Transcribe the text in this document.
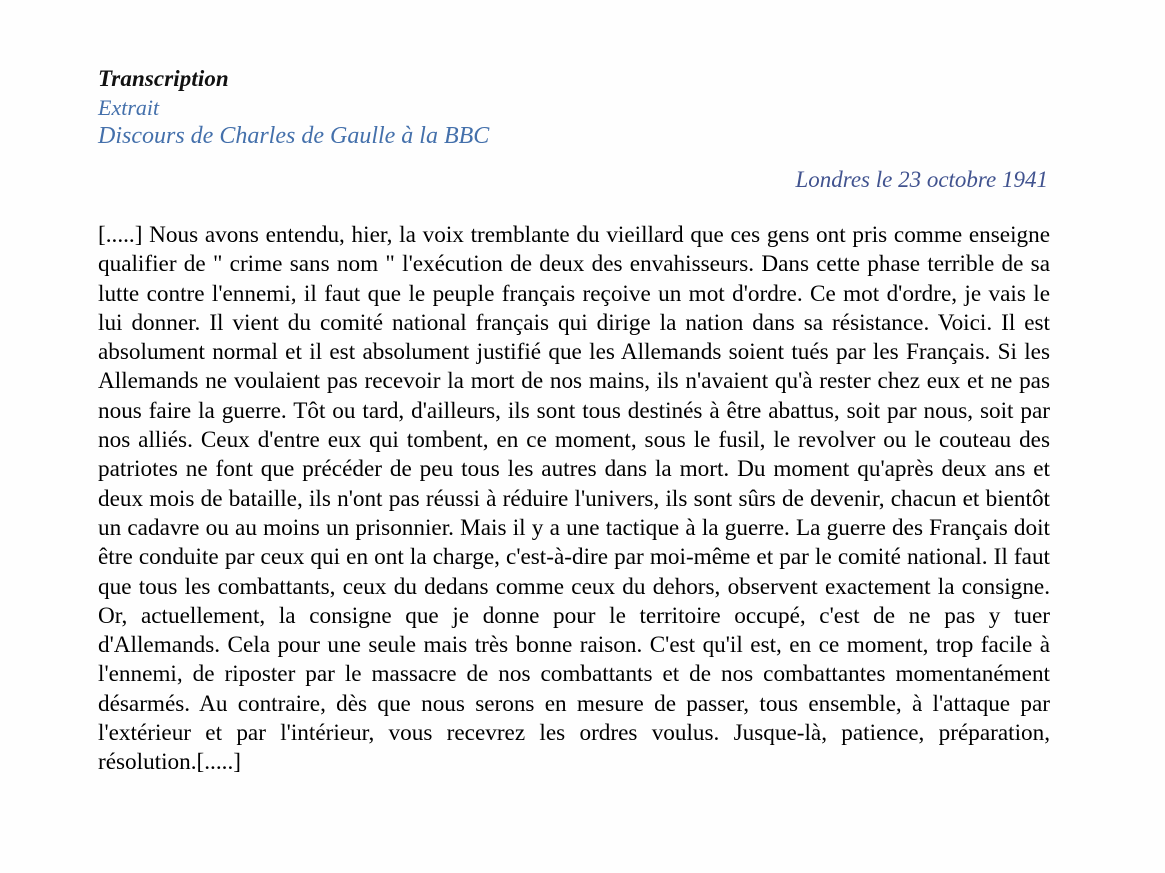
Transcription
Extrait
Discours de Charles de Gaulle à la BBC
Londres le 23 octobre 1941

[.....] Nous avons entendu, hier, la voix tremblante du vieillard que ces gens ont pris comme enseigne qualifier de " crime sans nom " l'exécution de deux des envahisseurs. Dans cette phase terrible de sa lutte contre l'ennemi, il faut que le peuple français reçoive un mot d'ordre. Ce mot d'ordre, je vais le lui donner. Il vient du comité national français qui dirige la nation dans sa résistance. Voici. Il est absolument normal et il est absolument justifié que les Allemands soient tués par les Français. Si les Allemands ne voulaient pas recevoir la mort de nos mains, ils n'avaient qu'à rester chez eux et ne pas nous faire la guerre. Tôt ou tard, d'ailleurs, ils sont tous destinés à être abattus, soit par nous, soit par nos alliés. Ceux d'entre eux qui tombent, en ce moment, sous le fusil, le revolver ou le couteau des patriotes ne font que précéder de peu tous les autres dans la mort. Du moment qu'après deux ans et deux mois de bataille, ils n'ont pas réussi à réduire l'univers, ils sont sûrs de devenir, chacun et bientôt un cadavre ou au moins un prisonnier. Mais il y a une tactique à la guerre. La guerre des Français doit être conduite par ceux qui en ont la charge, c'est-à-dire par moi-même et par le comité national. Il faut que tous les combattants, ceux du dedans comme ceux du dehors, observent exactement la consigne. Or, actuellement, la consigne que je donne pour le territoire occupé, c'est de ne pas y tuer d'Allemands. Cela pour une seule mais très bonne raison. C'est qu'il est, en ce moment, trop facile à l'ennemi, de riposter par le massacre de nos combattants et de nos combattantes momentanément désarmés. Au contraire, dès que nous serons en mesure de passer, tous ensemble, à l'attaque par l'extérieur et par l'intérieur, vous recevrez les ordres voulus. Jusque-là, patience, préparation, résolution.[.....]
